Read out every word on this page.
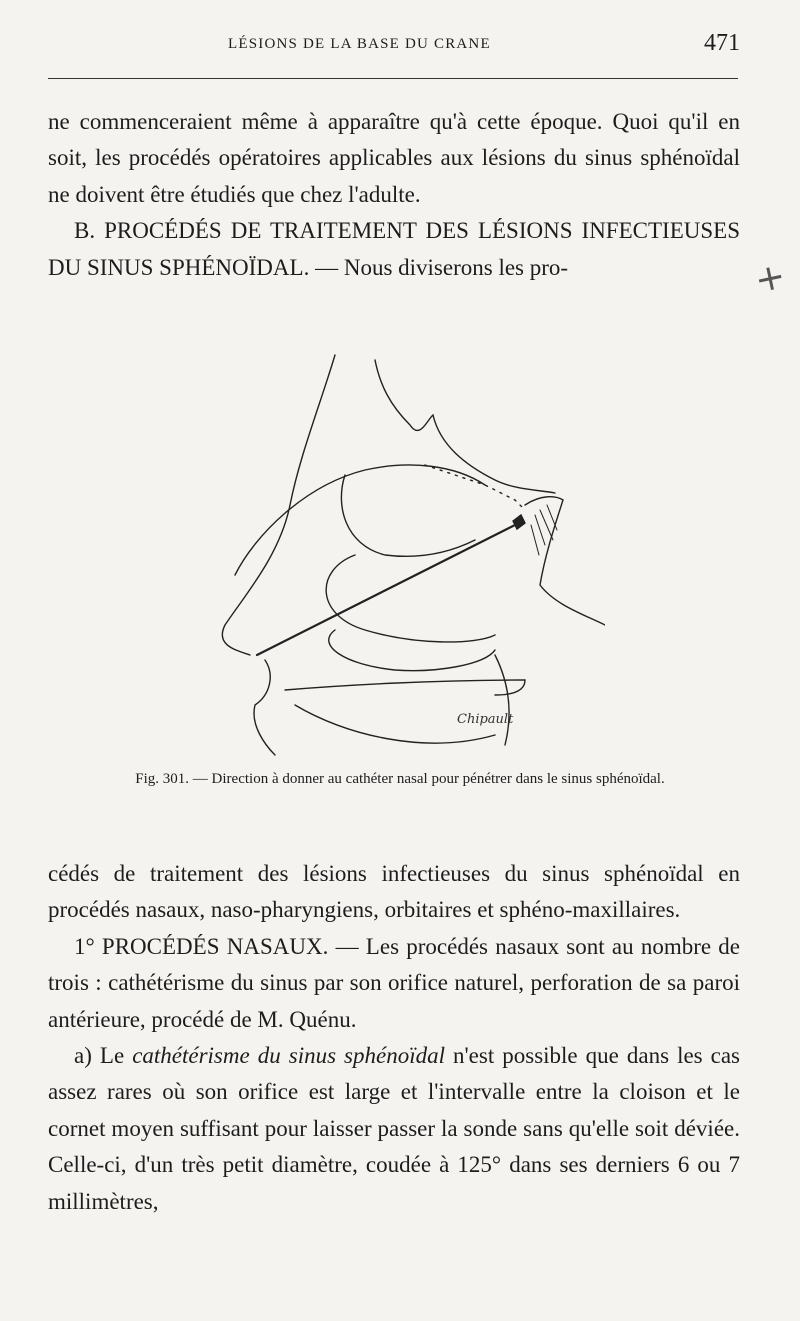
LÉSIONS DE LA BASE DU CRANE	471

ne commenceraient même à apparaître qu'à cette époque. Quoi qu'il en soit, les procédés opératoires applicables aux lésions du sinus sphénoïdal ne doivent être étudiés que chez l'adulte.

B. PROCÉDÉS DE TRAITEMENT DES LÉSIONS INFECTIEUSES DU SINUS SPHÉNOÏDAL. — Nous diviserons les pro-	+
Chipault
Fig. 301. — Direction à donner au cathéter nasal pour pénétrer dans le sinus sphénoïdal.

cédés de traitement des lésions infectieuses du sinus sphénoïdal en procédés nasaux, naso-pharyngiens, orbitaires et sphéno-maxillaires.

1° PROCÉDÉS NASAUX. — Les procédés nasaux sont au nombre de trois : cathétérisme du sinus par son orifice naturel, perforation de sa paroi antérieure, procédé de M. Quénu.

a) Le cathétérisme du sinus sphénoïdal n'est possible que dans les cas assez rares où son orifice est large et l'intervalle entre la cloison et le cornet moyen suffisant pour laisser passer la sonde sans qu'elle soit déviée. Celle-ci, d'un très petit diamètre, coudée à 125° dans ses derniers 6 ou 7 millimètres,
